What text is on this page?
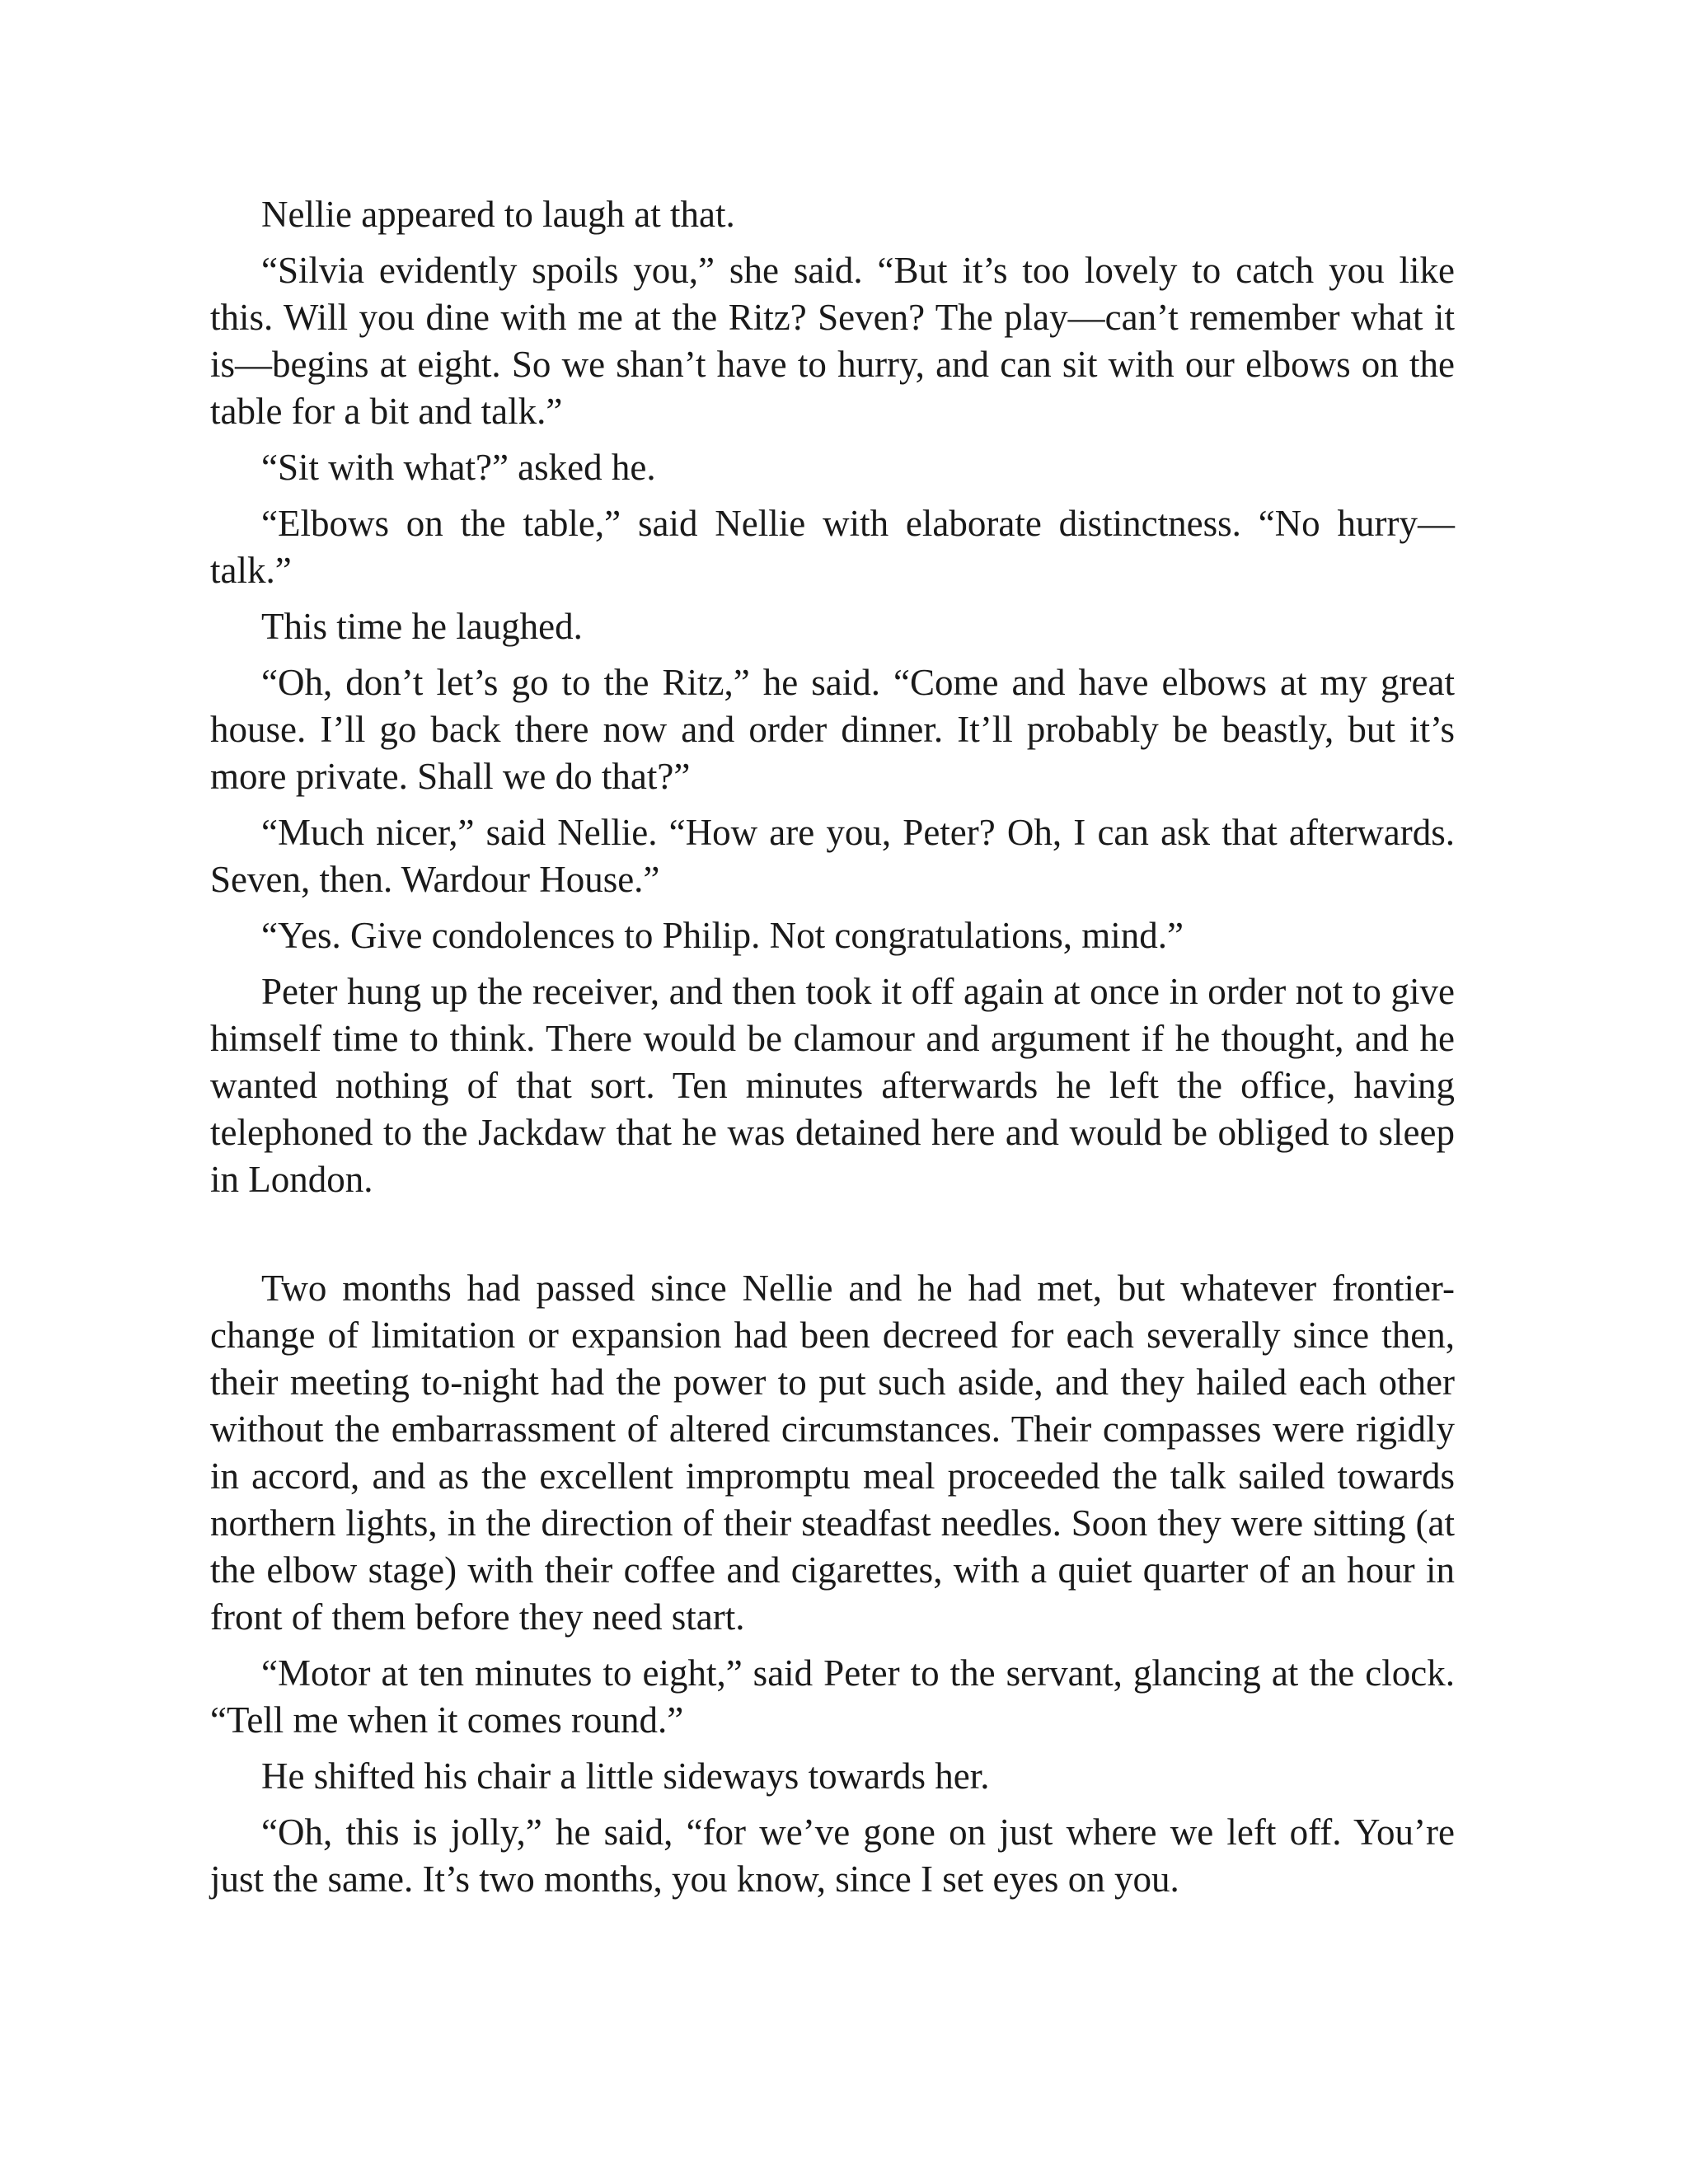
Nellie appeared to laugh at that.

“Silvia evidently spoils you,” she said. “But it’s too lovely to catch you like this. Will you dine with me at the Ritz? Seven? The play—can’t remember what it is—begins at eight. So we shan’t have to hurry, and can sit with our elbows on the table for a bit and talk.”

“Sit with what?” asked he.

“Elbows on the table,” said Nellie with elaborate distinctness. “No hurry—talk.”

This time he laughed.

“Oh, don’t let’s go to the Ritz,” he said. “Come and have elbows at my great house. I’ll go back there now and order dinner. It’ll probably be beastly, but it’s more private. Shall we do that?”

“Much nicer,” said Nellie. “How are you, Peter? Oh, I can ask that afterwards. Seven, then. Wardour House.”

“Yes. Give condolences to Philip. Not congratulations, mind.”

Peter hung up the receiver, and then took it off again at once in order not to give himself time to think. There would be clamour and argument if he thought, and he wanted nothing of that sort. Ten minutes afterwards he left the office, having telephoned to the Jackdaw that he was detained here and would be obliged to sleep in London.

Two months had passed since Nellie and he had met, but whatever frontier-change of limitation or expansion had been decreed for each severally since then, their meeting to-night had the power to put such aside, and they hailed each other without the embarrassment of altered circumstances. Their compasses were rigidly in accord, and as the excellent impromptu meal proceeded the talk sailed towards northern lights, in the direction of their steadfast needles. Soon they were sitting (at the elbow stage) with their coffee and cigarettes, with a quiet quarter of an hour in front of them before they need start.

“Motor at ten minutes to eight,” said Peter to the servant, glancing at the clock. “Tell me when it comes round.”

He shifted his chair a little sideways towards her.

“Oh, this is jolly,” he said, “for we’ve gone on just where we left off. You’re just the same. It’s two months, you know, since I set eyes on you.
